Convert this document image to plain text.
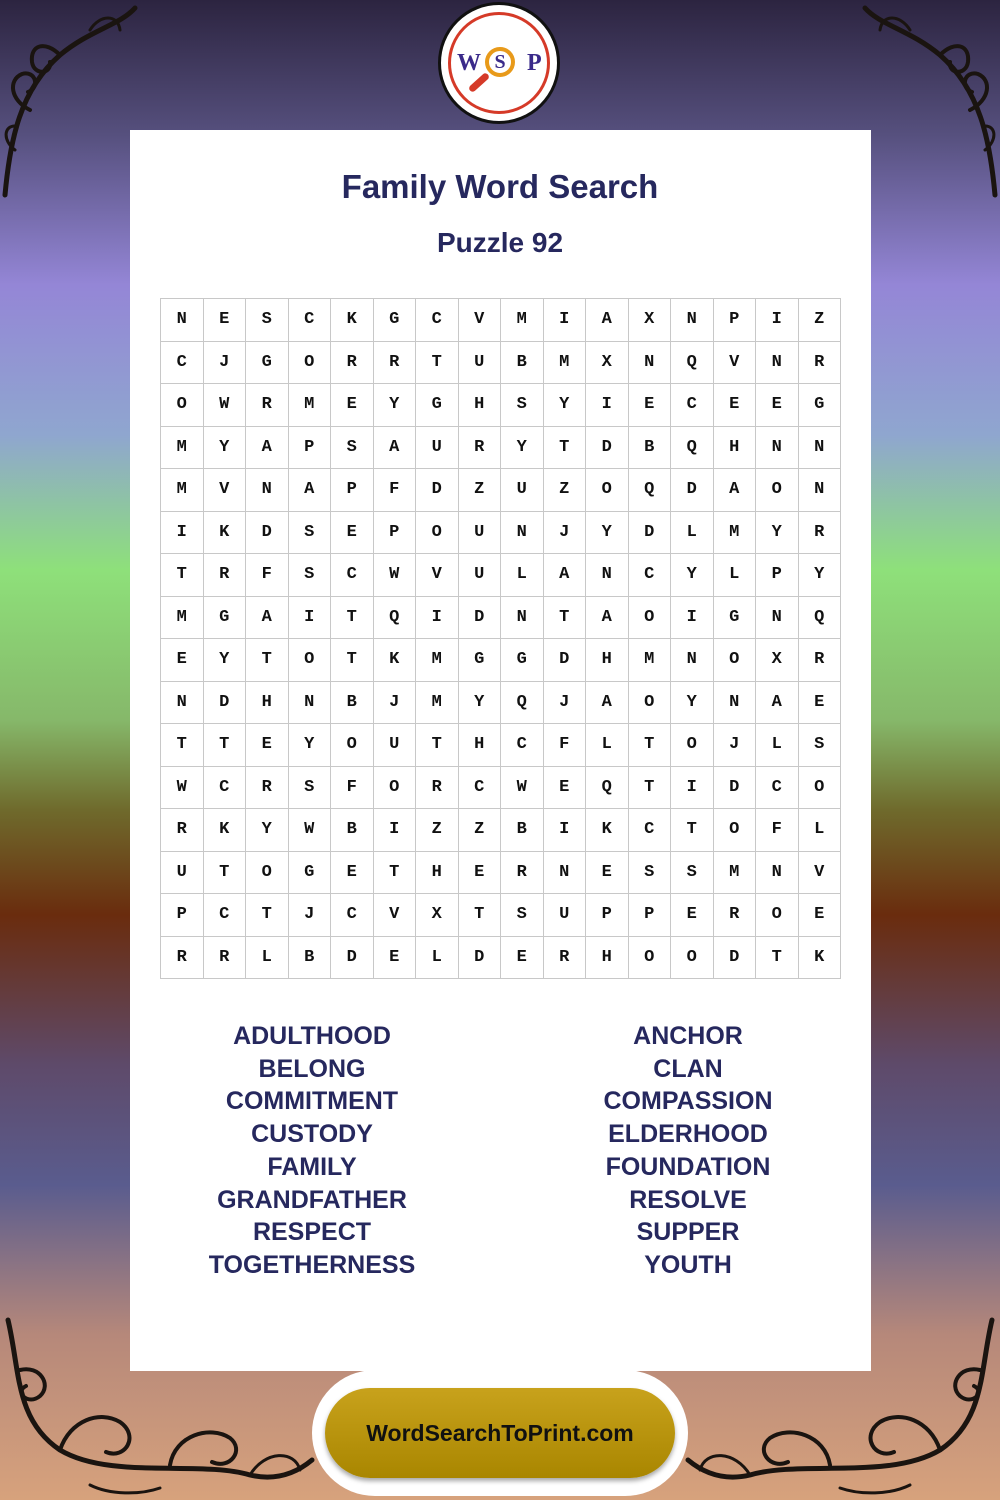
W S P
Family Word Search
Puzzle 92
N	E	S	C	K	G	C	V	M	I	A	X	N	P	I	Z
C	J	G	O	R	R	T	U	B	M	X	N	Q	V	N	R
O	W	R	M	E	Y	G	H	S	Y	I	E	C	E	E	G
M	Y	A	P	S	A	U	R	Y	T	D	B	Q	H	N	N
M	V	N	A	P	F	D	Z	U	Z	O	Q	D	A	O	N
I	K	D	S	E	P	O	U	N	J	Y	D	L	M	Y	R
T	R	F	S	C	W	V	U	L	A	N	C	Y	L	P	Y
M	G	A	I	T	Q	I	D	N	T	A	O	I	G	N	Q
E	Y	T	O	T	K	M	G	G	D	H	M	N	O	X	R
N	D	H	N	B	J	M	Y	Q	J	A	O	Y	N	A	E
T	T	E	Y	O	U	T	H	C	F	L	T	O	J	L	S
W	C	R	S	F	O	R	C	W	E	Q	T	I	D	C	O
R	K	Y	W	B	I	Z	Z	B	I	K	C	T	O	F	L
U	T	O	G	E	T	H	E	R	N	E	S	S	M	N	V
P	C	T	J	C	V	X	T	S	U	P	P	E	R	O	E
R	R	L	B	D	E	L	D	E	R	H	O	O	D	T	K
ADULTHOOD
BELONG
COMMITMENT
CUSTODY
FAMILY
GRANDFATHER
RESPECT
TOGETHERNESS
ANCHOR
CLAN
COMPASSION
ELDERHOOD
FOUNDATION
RESOLVE
SUPPER
YOUTH
WordSearchToPrint.com
